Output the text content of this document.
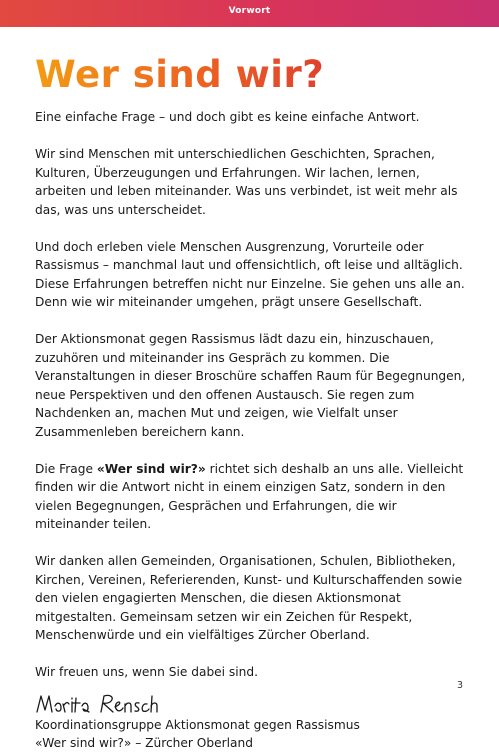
Vorwort
Wer sind wir?

Eine einfache Frage – und doch gibt es keine einfache Antwort.

Wir sind Menschen mit unterschiedlichen Geschichten, Sprachen, Kulturen, Überzeugungen und Erfahrungen. Wir lachen, lernen, arbeiten und leben miteinander. Was uns verbindet, ist weit mehr als das, was uns unterscheidet.

Und doch erleben viele Menschen Ausgrenzung, Vorurteile oder Rassismus – manchmal laut und offensichtlich, oft leise und alltäglich. Diese Erfahrungen betreffen nicht nur Einzelne. Sie gehen uns alle an. Denn wie wir miteinander umgehen, prägt unsere Gesellschaft.

Der Aktionsmonat gegen Rassismus lädt dazu ein, hinzuschauen, zuzuhören und miteinander ins Gespräch zu kommen. Die Veranstaltungen in dieser Broschüre schaffen Raum für Begegnungen, neue Perspektiven und den offenen Austausch. Sie regen zum Nachdenken an, machen Mut und zeigen, wie Vielfalt unser Zusammenleben bereichern kann.

Die Frage «Wer sind wir?» richtet sich deshalb an uns alle. Vielleicht finden wir die Antwort nicht in einem einzigen Satz, sondern in den vielen Begegnungen, Gesprächen und Erfahrungen, die wir miteinander teilen.

Wir danken allen Gemeinden, Organisationen, Schulen, Bibliotheken, Kirchen, Vereinen, Referierenden, Kunst- und Kulturschaffenden sowie den vielen engagierten Menschen, die diesen Aktionsmonat mitgestalten. Gemeinsam setzen wir ein Zeichen für Respekt, Menschenwürde und ein vielfältiges Zürcher Oberland.

Wir freuen uns, wenn Sie dabei sind.

Koordinationsgruppe Aktionsmonat gegen Rassismus
«Wer sind wir?» – Zürcher Oberland
3
